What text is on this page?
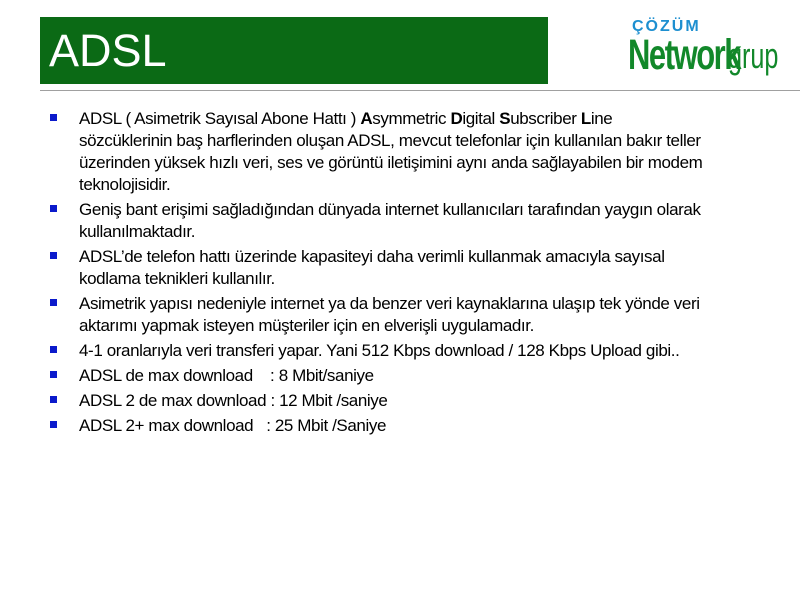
ADSL	ÇÖZÜM
Network
grup
ADSL ( Asimetrik Sayısal Abone Hattı ) Asymmetric Digital Subscriber Line sözcüklerinin baş harflerinden oluşan ADSL, mevcut telefonlar için kullanılan bakır teller üzerinden yüksek hızlı veri, ses ve görüntü iletişimini aynı anda sağlayabilen bir modem teknolojisidir.
Geniş bant erişimi sağladığından dünyada internet kullanıcıları tarafından yaygın olarak kullanılmaktadır.
ADSL’de telefon hattı üzerinde kapasiteyi daha verimli kullanmak amacıyla sayısal kodlama teknikleri kullanılır.
Asimetrik yapısı nedeniyle internet ya da benzer veri kaynaklarına ulaşıp tek yönde veri aktarımı yapmak isteyen müşteriler için en elverişli uygulamadır.
4-1 oranlarıyla veri transferi yapar. Yani 512 Kbps download / 128 Kbps Upload gibi..
ADSL de max download    : 8 Mbit/saniye
ADSL 2 de max download : 12 Mbit /saniye
ADSL 2+ max download   : 25 Mbit /Saniye
